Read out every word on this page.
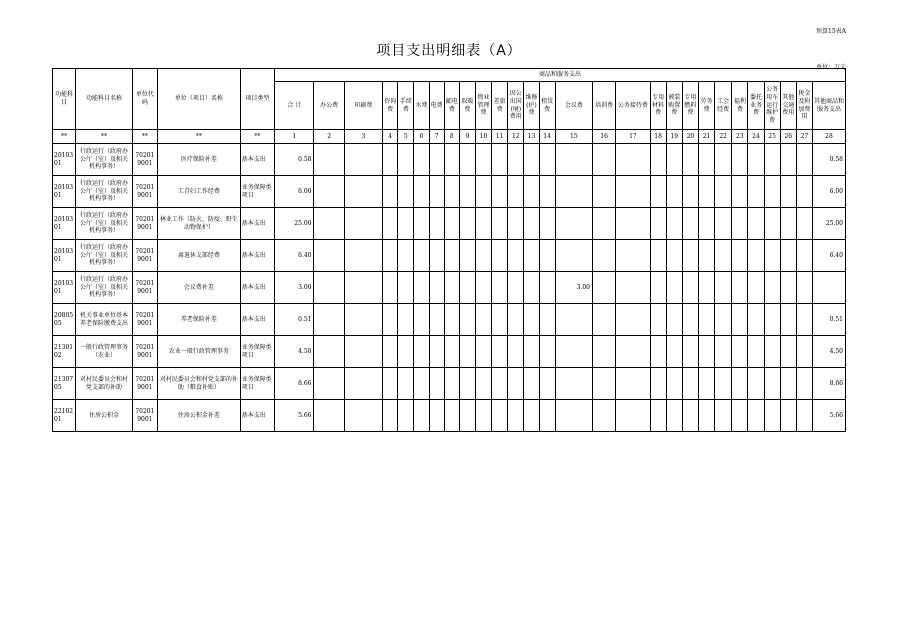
预算15表A
项目支出明细表（A）
单位：万元
功能科目	功能科目名称	单位代码	单位（项目）名称	项目类型	商品和服务支出																											
					合 计	办公费	印刷费	咨询费	手续费	水费	电费	邮电费	取暖费	物业管理费	差旅费	因公出国(境)费用	维修(护)费	租赁费	会议费	培训费	公务接待费	专用材料费	被装购置费	专用燃料费	劳务费	工会经费	福利费	委托业务费	公务用车运行维护费	其他交通费用	税金及附加费用	其他商品和服务支出
**	**	**	**	**	1	2	3	4	5	6	7	8	9	10	11	12	13	14	15	16	17	18	19	20	21	22	23	24	25	26	27	28
2010301	行政运行（政府办公厅（室）及相关机构事务）	702019001	医疗保险补差	基本支出	0.58																											0.58
2010301	行政运行（政府办公厅（室）及相关机构事务）	702019001	工青妇工作经费	业务保障类项目	6.00																											6.00
2010301	行政运行（政府办公厅（室）及相关机构事务）	702019001	林业工作（防火、防疫、野生动物保护）	基本支出	25.00																											25.00
2010301	行政运行（政府办公厅（室）及相关机构事务）	702019001	离退休支部经费	基本支出	6.40																											6.40
2010301	行政运行（政府办公厅（室）及相关机构事务）	702019001	会议费补差	基本支出	3.00														3.00													
2080505	机关事业单位基本养老保险缴费支出	702019001	养老保险补差	基本支出	0.51																											0.51
2130102	一般行政管理事务（农业）	702019001	农业一般行政管理事务	业务保障类项目	4.50																											4.50
2130705	对村民委员会和村党支部的补助	702019001	对村民委员会和村党支部的补助（粮食补贴）	业务保障类项目	8.66																											8.66
2210201	住房公积金	702019001	住房公积金补差	基本支出	5.66																											5.66
